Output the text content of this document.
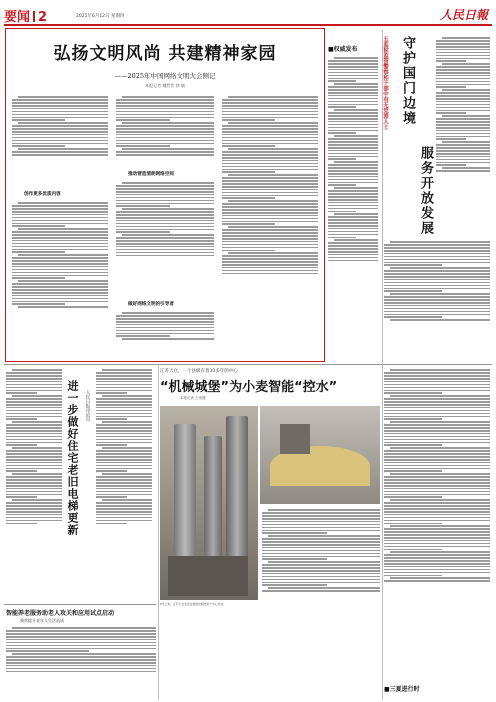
要闻 2	2025年6月12日 星期四	人民日報
弘扬文明风尚 共建精神家园
——2025年中国网络文明大会侧记
本报记者 魏哲哲 徐 楠
创作更多优质内容
推动营造清朗网络空间
做好网络文明的引导者
■权威发布	五监狱监管警察和干部中有无党派人士 守护国门边境
服务开放发展
进一步做好住宅老旧电梯更新 人民日报评论员
江苏大仓，一个县级有着30多年的中心
“机械城堡”为小麦智能“控水”
本报记者 王伟健
6月上旬，江苏大仓农民在智能化粮食烘干中心作业。
■三夏进行时
智能养老服务助老人攻关和应用试点启动
聚焦提升老年人生活品质
